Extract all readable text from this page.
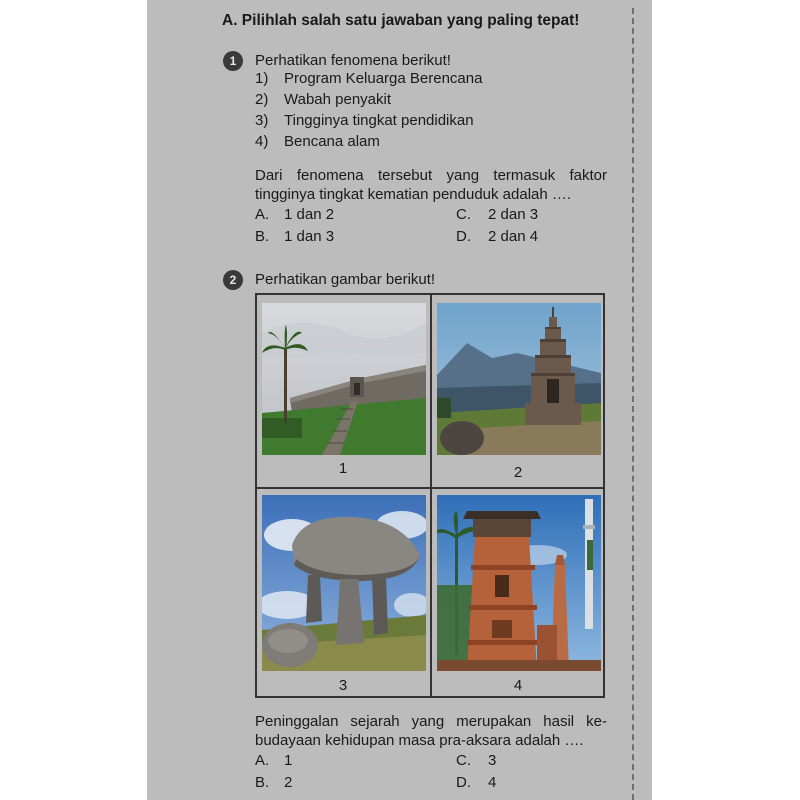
A. Pilihlah salah satu jawaban yang paling tepat!
1	Perhatikan fenomena berikut!
1) Program Keluarga Berencana
2) Wabah penyakit
3) Tingginya tingkat pendidikan
4) Bencana alam
Dari fenomena tersebut yang termasuk faktor tingginya tingkat kematian penduduk adalah ….
A. 1 dan 2	C. 2 dan 3
B. 1 dan 3	D. 2 dan 4
2	Perhatikan gambar berikut!
1	2
3	4
Peninggalan sejarah yang merupakan hasil ke-budayaan kehidupan masa pra-aksara adalah ….
A. 1	C. 3
B. 2	D. 4
